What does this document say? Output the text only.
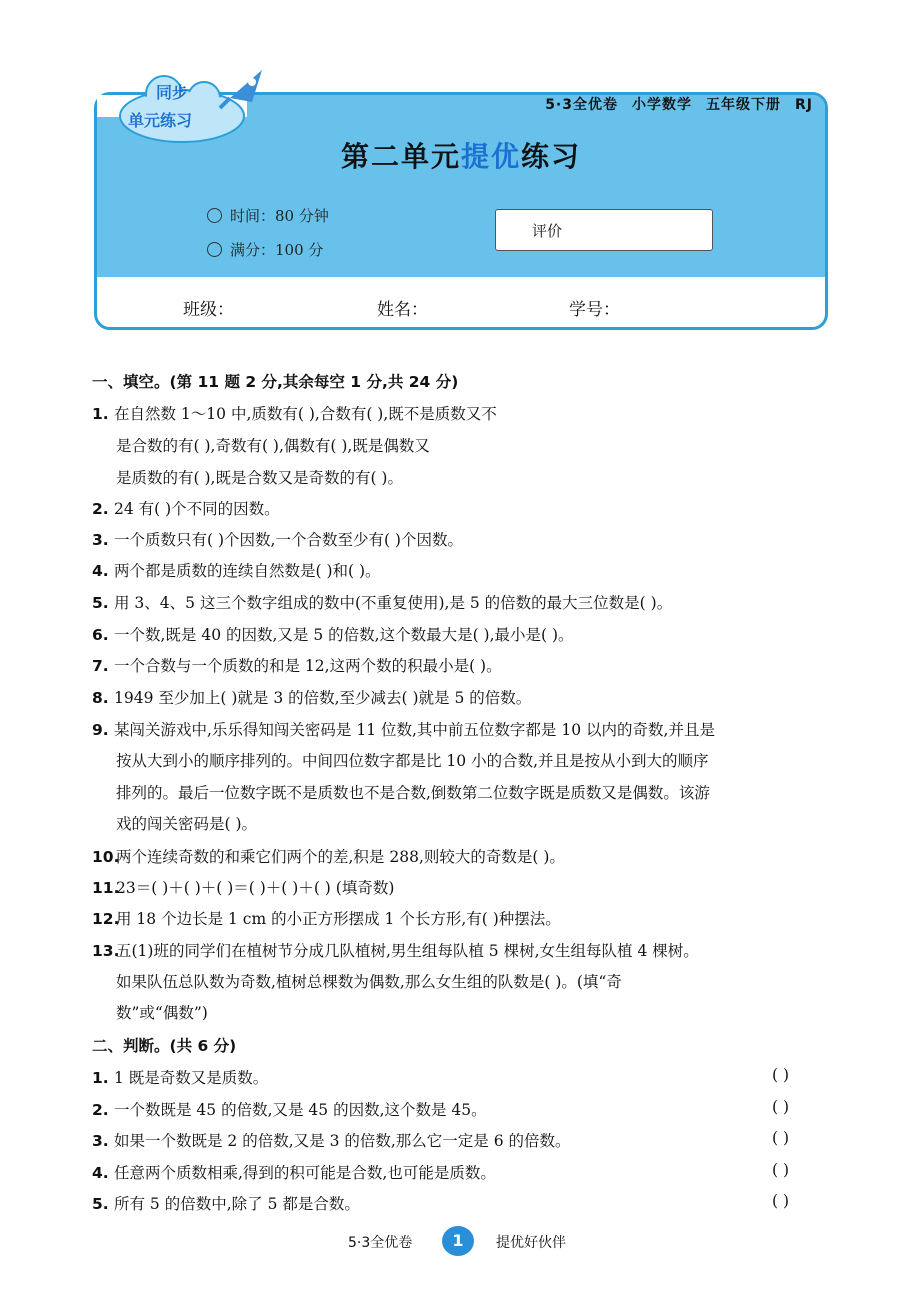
5·3全优卷 小学数学 五年级下册 RJ
第二单元提优练习
时间：80 分钟
满分：100 分
评价
班级：	姓名：	学号：
同步
单元练习
一、填空。(第 11 题 2 分,其余每空 1 分,共 24 分)
1. 在自然数 1～10 中,质数有( ),合数有( ),既不是质数又不
是合数的有( ),奇数有( ),偶数有( ),既是偶数又
是质数的有( ),既是合数又是奇数的有( )。
2. 24 有( )个不同的因数。
3. 一个质数只有( )个因数,一个合数至少有( )个因数。
4. 两个都是质数的连续自然数是( )和( )。
5. 用 3、4、5 这三个数字组成的数中(不重复使用),是 5 的倍数的最大三位数是( )。
6. 一个数,既是 40 的因数,又是 5 的倍数,这个数最大是( ),最小是( )。
7. 一个合数与一个质数的和是 12,这两个数的积最小是( )。
8. 1949 至少加上( )就是 3 的倍数,至少减去( )就是 5 的倍数。
9. 某闯关游戏中,乐乐得知闯关密码是 11 位数,其中前五位数字都是 10 以内的奇数,并且是
按从大到小的顺序排列的。中间四位数字都是比 10 小的合数,并且是按从小到大的顺序
排列的。最后一位数字既不是质数也不是合数,倒数第二位数字既是质数又是偶数。该游
戏的闯关密码是( )。
10.两个连续奇数的和乘它们两个的差,积是 288,则较大的奇数是( )。
11.23＝( )＋( )＋( )＝( )＋( )＋( ) (填奇数)
12.用 18 个边长是 1 cm 的小正方形摆成 1 个长方形,有( )种摆法。
13.五(1)班的同学们在植树节分成几队植树,男生组每队植 5 棵树,女生组每队植 4 棵树。
如果队伍总队数为奇数,植树总棵数为偶数,那么女生组的队数是( )。(填“奇
数”或“偶数”)
二、判断。(共 6 分)
1. 1 既是奇数又是质数。	( )
2. 一个数既是 45 的倍数,又是 45 的因数,这个数是 45。	( )
3. 如果一个数既是 2 的倍数,又是 3 的倍数,那么它一定是 6 的倍数。	( )
4. 任意两个质数相乘,得到的积可能是合数,也可能是质数。	( )
5. 所有 5 的倍数中,除了 5 都是合数。	( )
5·3全优卷	1	提优好伙伴
